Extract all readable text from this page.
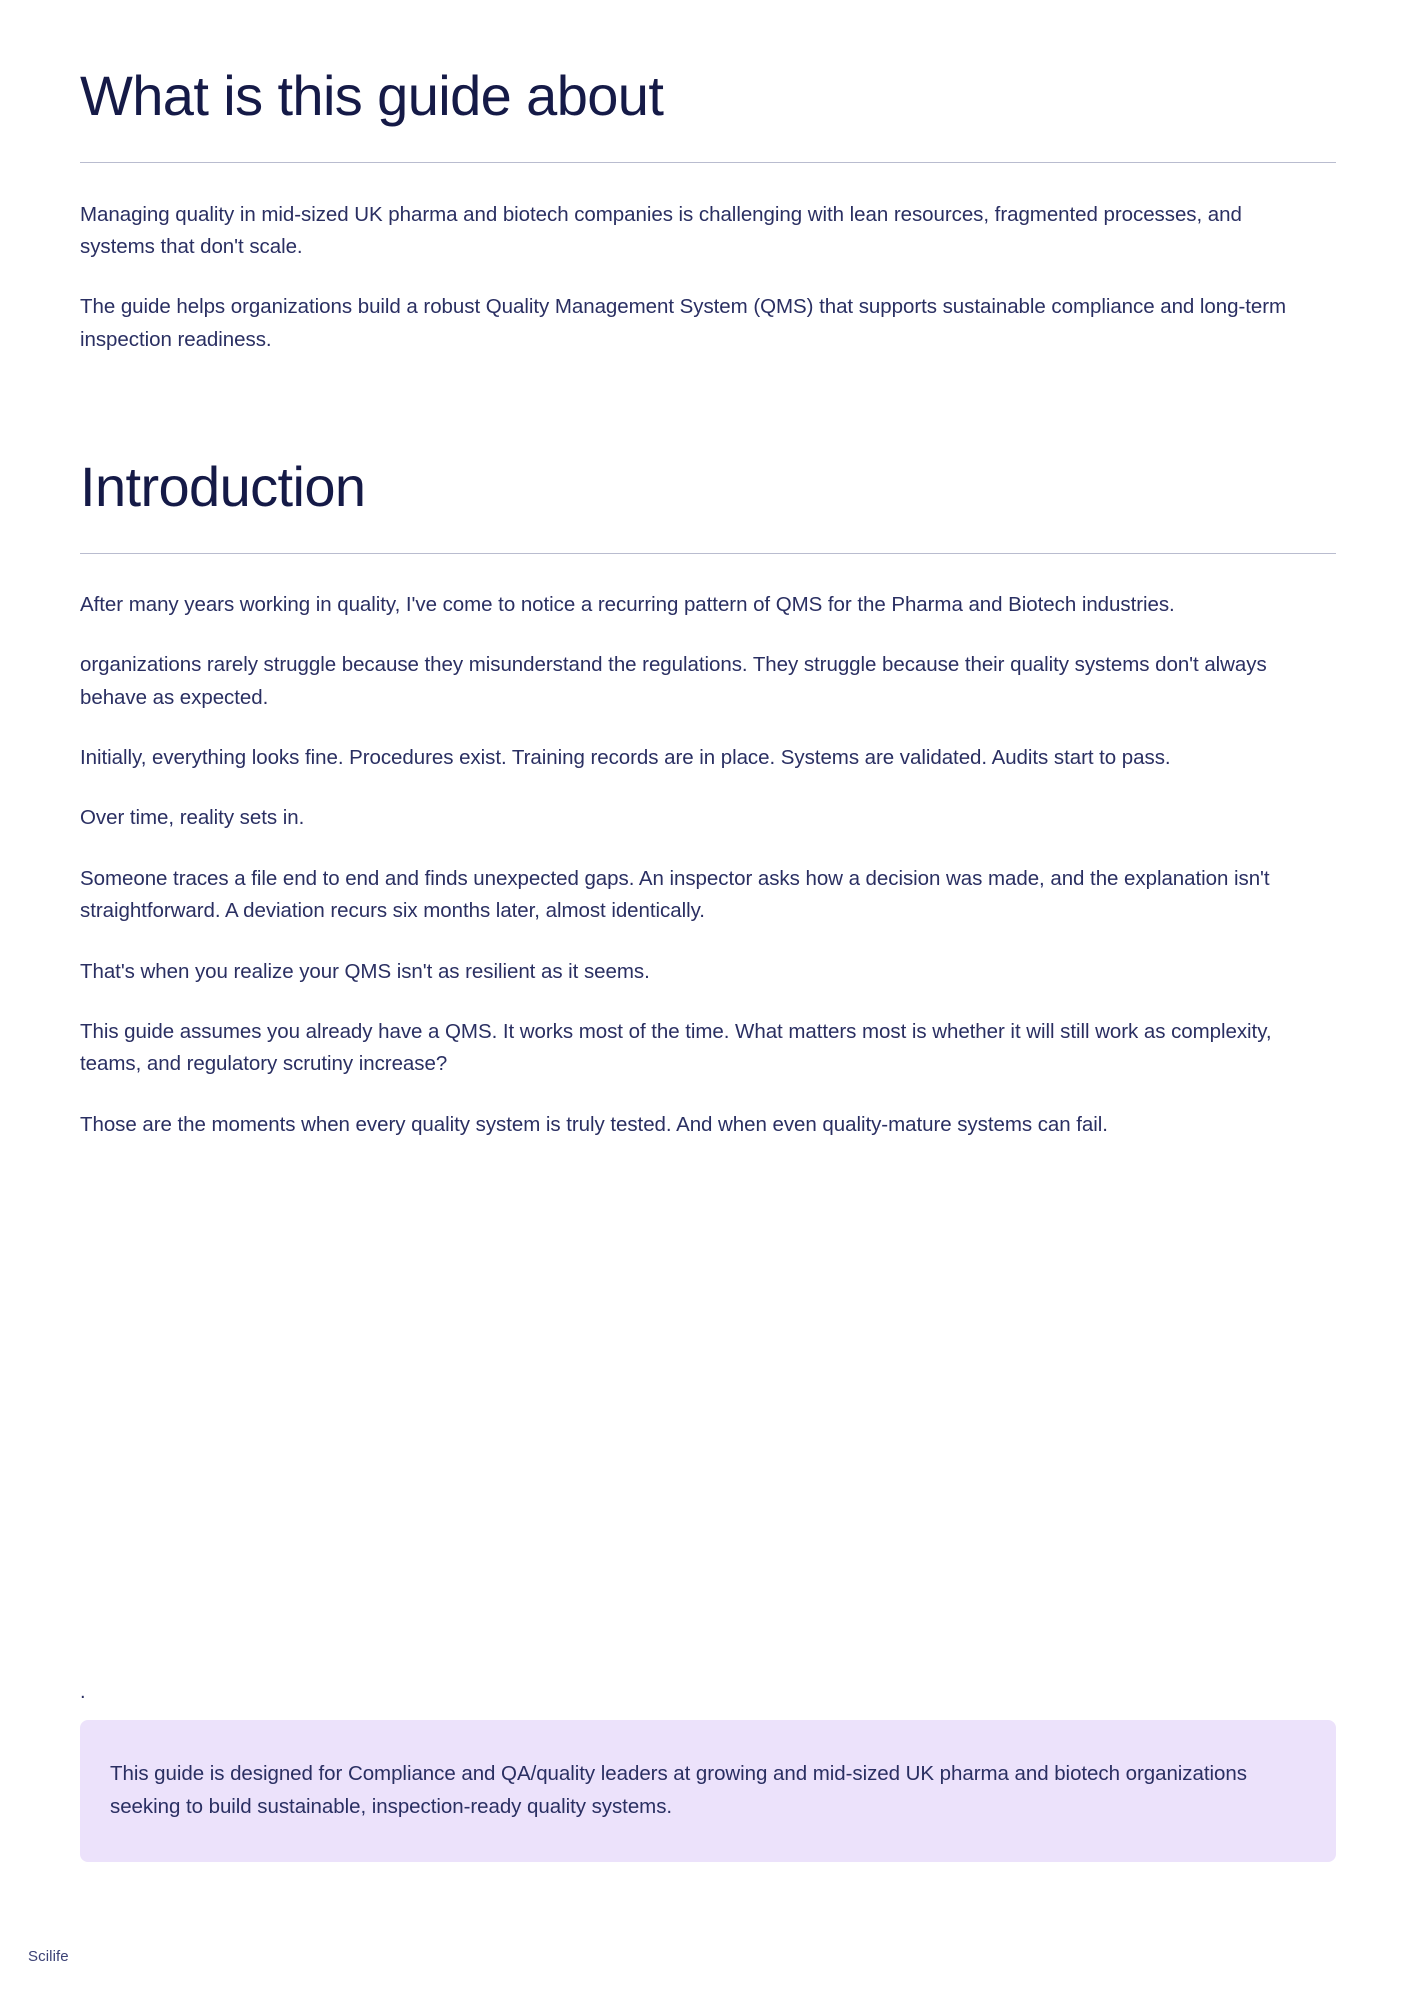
What is this guide about

Managing quality in mid-sized UK pharma and biotech companies is challenging with lean resources, fragmented processes, and systems that don't scale.

The guide helps organizations build a robust Quality Management System (QMS) that supports sustainable compliance and long-term inspection readiness.

Introduction

After many years working in quality, I've come to notice a recurring pattern of QMS for the Pharma and Biotech industries.

organizations rarely struggle because they misunderstand the regulations. They struggle because their quality systems don't always behave as expected.

Initially, everything looks fine. Procedures exist. Training records are in place. Systems are validated. Audits start to pass.

Over time, reality sets in.

Someone traces a file end to end and finds unexpected gaps. An inspector asks how a decision was made, and the explanation isn't straightforward. A deviation recurs six months later, almost identically.

That's when you realize your QMS isn't as resilient as it seems.

This guide assumes you already have a QMS. It works most of the time. What matters most is whether it will still work as complexity, teams, and regulatory scrutiny increase?

Those are the moments when every quality system is truly tested. And when even quality-mature systems can fail.

.

This guide is designed for Compliance and QA/quality leaders at growing and mid-sized UK pharma and biotech organizations seeking to build sustainable, inspection-ready quality systems.

Scilife
